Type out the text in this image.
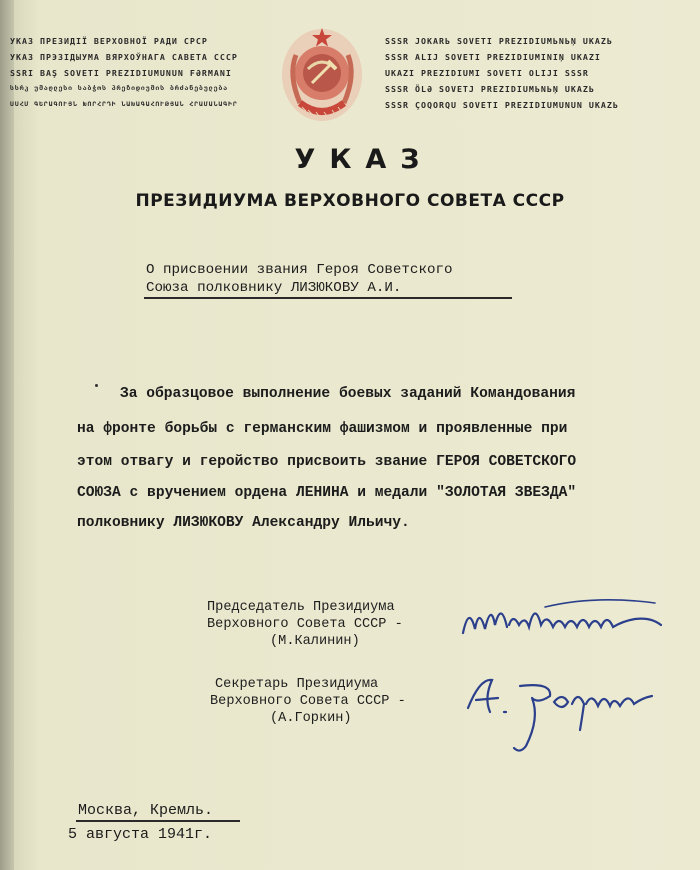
УКАЗ ПРЕЗИДІЇ ВЕРХОВНОЇ РАДИ СРСР
УКАЗ ПРЭЗІДЫУМА ВЯРХОЎНАГА САВЕТА СССР
SSRI BAŞ SOVETI PREZIDIUMUNUN FƏRMANI
სსრკ უმაღლესი საბჭოს პრეზიდიუმის ბრძანებულება
ՍՍՀՄ ԳԵՐԱԳՈՒՅՆ ԽՈՐՀՐԴԻ ՆԱԽԱԳԱՀՈՒԹՅԱՆ ՀՐԱՄԱՆԱԳԻՐ
SSSR JOKARЬ SOVETI PREZIDIUMЬNЬŅ UKAZЬ
SSSR ALIJ SOVETI PREZIDIUMINIŅ UKAZI
UKAZI PREZIDIUMI SOVETI OLIJI SSSR
SSSR ÖLƏ SOVETJ PREZIDIUMЬNЬŅ UKAZЬ
SSSR ÇOQORQU SOVETI PREZIDIUMUNUN UKAZЬ
УКАЗ
ПРЕЗИДИУМА ВЕРХОВНОГО СОВЕТА СССР
О присвоении звания Героя Советского
Союза полковнику ЛИЗЮКОВУ А.И.
За образцовое выполнение боевых заданий Командования
на фронте борьбы с германским фашизмом и проявленные при
этом отвагу и геройство присвоить звание ГЕРОЯ СОВЕТСКОГО
СОЮЗА с вручением ордена ЛЕНИНА и медали "ЗОЛОТАЯ ЗВЕЗДА"
полковнику ЛИЗЮКОВУ Александру Ильичу.
Председатель Президиума
Верховного Совета СССР -
(М.Калинин)
Секретарь Президиума
Верховного Совета СССР -
(А.Горкин)
Москва, Кремль.
5 августа 1941г.
